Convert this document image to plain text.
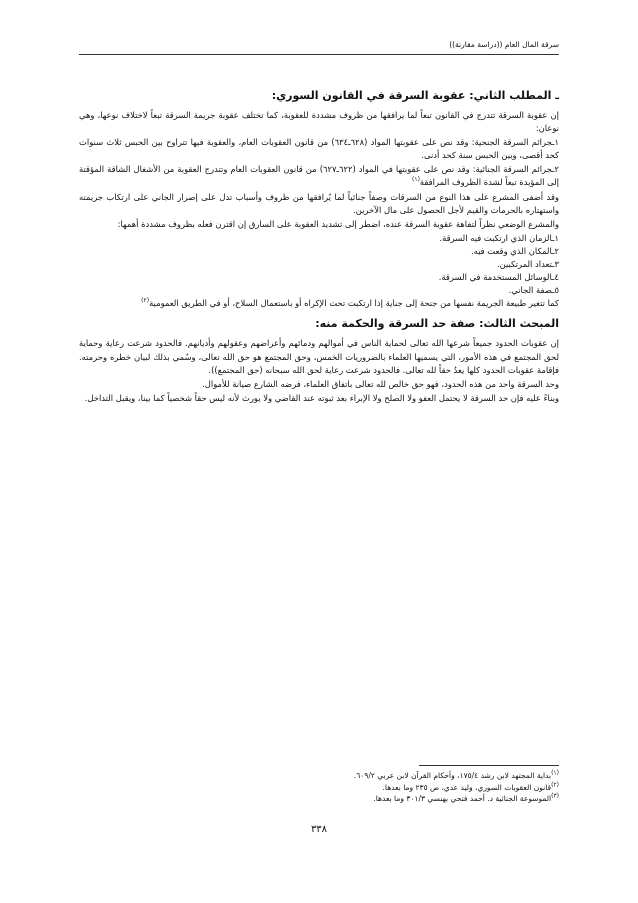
سرقة المال العام ((دراسة مقارنة))
ـ المطلب الثاني: عقوبة السرقة في القانون السوري:

إن عقوبة السرقة تتدرج في القانون تبعاً لما يرافقها من ظروف مشددة للعقوبة، كما تختلف عقوبة جريمة السرقة تبعاً لاختلاف نوعها، وهي نوعان:

١ـجرائم السرقة الجنحية: وقد نص على عقوبتها المواد (٦٢٨ـ٦٣٤) من قانون العقوبات العام، والعقوبة فيها تتراوح بين الحبس ثلاث سنوات كحد أقصى، وبين الحبس سنة كحد أدنى.

٢ـجرائم السرقة الجنائية: وقد نص على عقوبتها في المواد (٦٢٢ـ٦٢٧) من قانون العقوبات العام وتتدرج العقوبة من الأشغال الشاقة المؤقتة إلى المؤبدة تبعاً لشدة الظروف المرافقة$^{(١)}$

وقد أضفى المشرع على هذا النوع من السرقات وصفاً جنائياً لما يُرافقها من ظروف وأسباب تدل على إصرار الجاني على ارتكاب جريمته واستهتاره بالحرمات والقيم لأجل الحصول على مال الآخرين.

والمشرع الوضعي نظراً لتفاهة عقوبة السرقة عنده، اضطر إلى تشديد العقوبة على السارق إن اقترن فعله بظروف مشددة أهمها:

١ـالزمان الذي ارتكبت فيه السرقة.

٢ـالمكان الذي وقعت فيه.

٣ـتعداد المرتكبين.

٤ـالوسائل المستخدمة في السرقة.

٥ـصفة الجاني.

كما تتغير طبيعة الجريمة نفسها من جنحة إلى جناية إذا ارتكبت تحت الإكراه أو باستعمال السلاح، أو في الطريق العمومية$^{(٢)}$

المبحث الثالث: صفة حد السرقة والحكمة منه:

إن عقوبات الحدود جميعاً شرعها الله تعالى لحماية الناس في أموالهم ودمائهم وأعراضهم وعقولهم وأديانهم. فالحدود شرعت رعاية وحماية لحق المجتمع في هذه الأمور، التي يسميها العلماء بالضروريات الخمس، وحق المجتمع هو حق الله تعالى، وسُمي بذلك لبيان خطره وحرمته. فإقامة عقوبات الحدود كلها يعدُ حقاً لله تعالى. فالحدود شرعت رعاية لحق الله سبحانه (حق المجتمع)).

وحد السرقة واحد من هذه الحدود، فهو حق خالص لله تعالى باتفاق العلماء، فرضه الشارع صيانة للأموال.

وبناءً عليه فإن حد السرقة لا يحتمل العفو ولا الصلح ولا الإبراء بعد ثبوته عند القاضي ولا يورث لأنه ليس حقاً شخصياً كما بينا، ويقبل التداخل.

$^{(١)}$بداية المجتهد لابن رشد ١٧٥/٤، وأحكام القرآن لابن عربي ٦٠٩/٢.

$^{(٢)}$قانون العقوبات السوري، وليد عدي، ص ٢٣٥ وما بعدها.

$^{(٣)}$الموسوعة الجنائية د. أحمد فتحي بهنسي ٣٠١/٣ وما بعدها.

٣٣٨
